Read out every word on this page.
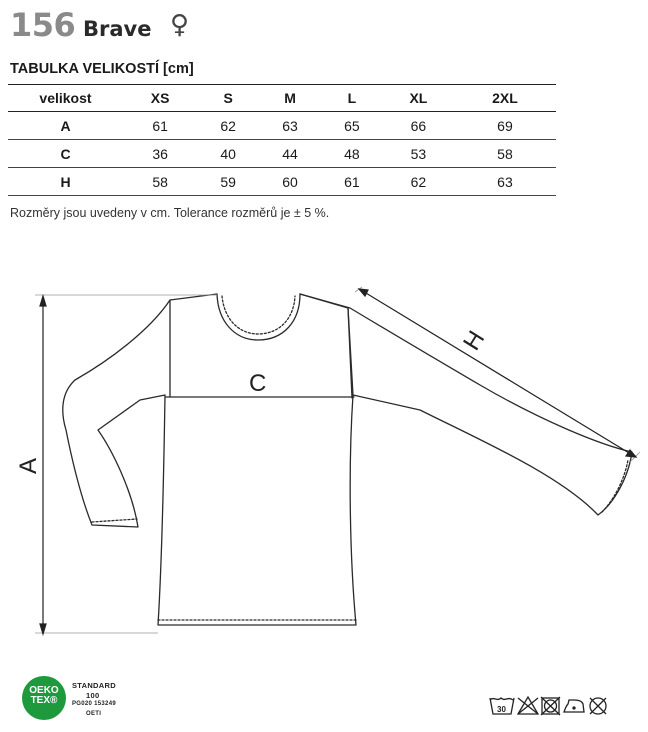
156 Brave ♀
TABULKA VELIKOSTÍ [cm]
velikost	XS	S	M	L	XL	2XL
A	61	62	63	65	66	69
C	36	40	44	48	53	58
H	58	59	60	61	62	63
Rozměry jsou uvedeny v cm. Tolerance rozměrů je ± 5 %.
A
C
H
OEKO
TEX®
STANDARD
100
PG020 153249
OETI	30
